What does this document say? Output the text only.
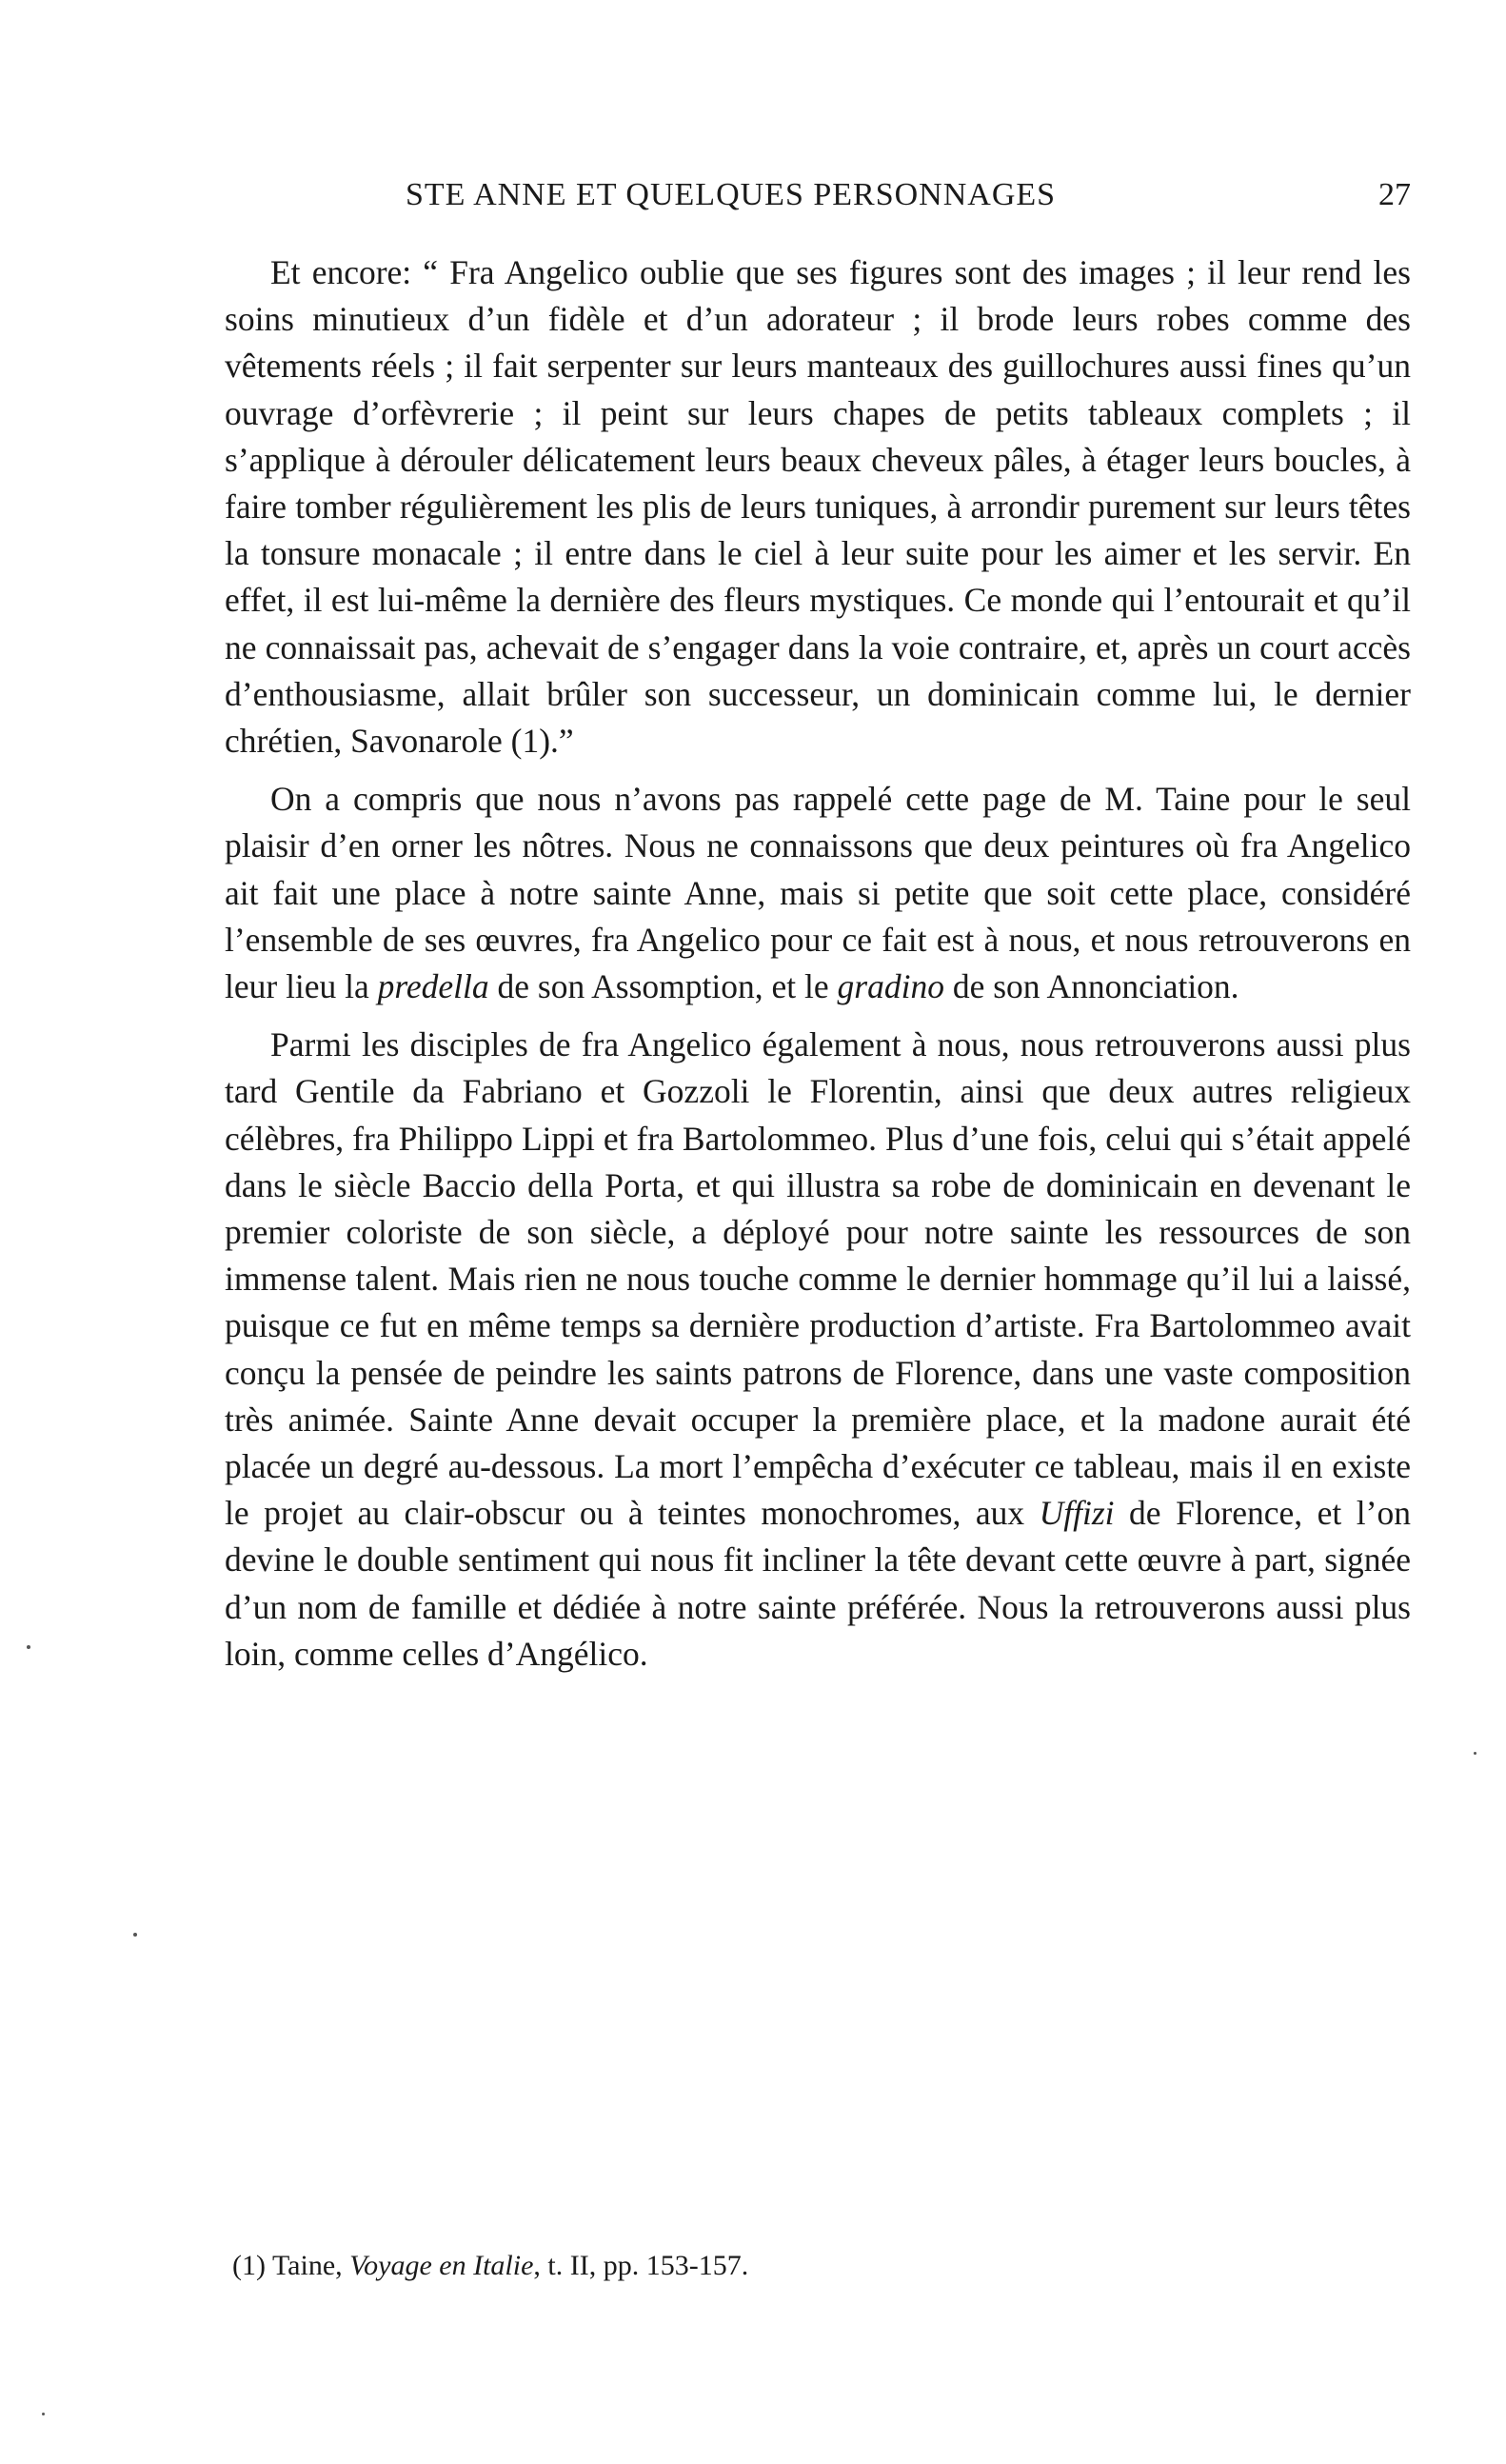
STE ANNE ET QUELQUES PERSONNAGES	27

Et encore: “ Fra Angelico oublie que ses figures sont des images ; il leur rend les soins minutieux d’un fidèle et d’un adorateur ; il brode leurs robes comme des vêtements réels ; il fait serpenter sur leurs manteaux des guillochures aussi fines qu’un ouvrage d’orfèvrerie ; il peint sur leurs chapes de petits tableaux complets ; il s’applique à dérouler délicatement leurs beaux cheveux pâles, à étager leurs boucles, à faire tomber régulièrement les plis de leurs tuniques, à arrondir purement sur leurs têtes la tonsure monacale ; il entre dans le ciel à leur suite pour les aimer et les servir. En effet, il est lui-même la dernière des fleurs mystiques. Ce monde qui l’entourait et qu’il ne connaissait pas, achevait de s’engager dans la voie contraire, et, après un court accès d’enthousiasme, allait brûler son successeur, un dominicain comme lui, le dernier chrétien, Savonarole (1).”

On a compris que nous n’avons pas rappelé cette page de M. Taine pour le seul plaisir d’en orner les nôtres. Nous ne connaissons que deux peintures où fra Angelico ait fait une place à notre sainte Anne, mais si petite que soit cette place, considéré l’ensemble de ses œuvres, fra Angelico pour ce fait est à nous, et nous retrouverons en leur lieu la predella de son Assomption, et le gradino de son Annonciation.

Parmi les disciples de fra Angelico également à nous, nous retrouverons aussi plus tard Gentile da Fabriano et Gozzoli le Florentin, ainsi que deux autres religieux célèbres, fra Philippo Lippi et fra Bartolommeo. Plus d’une fois, celui qui s’était appelé dans le siècle Baccio della Porta, et qui illustra sa robe de dominicain en devenant le premier coloriste de son siècle, a déployé pour notre sainte les ressources de son immense talent. Mais rien ne nous touche comme le dernier hommage qu’il lui a laissé, puisque ce fut en même temps sa dernière production d’artiste. Fra Bartolommeo avait conçu la pensée de peindre les saints patrons de Florence, dans une vaste composition très animée. Sainte Anne devait occuper la première place, et la madone aurait été placée un degré au-dessous. La mort l’empêcha d’exécuter ce tableau, mais il en existe le projet au clair-obscur ou à teintes monochromes, aux Uffizi de Florence, et l’on devine le double sentiment qui nous fit incliner la tête devant cette œuvre à part, signée d’un nom de famille et dédiée à notre sainte préférée. Nous la retrouverons aussi plus loin, comme celles d’Angélico.

(1) Taine, Voyage en Italie, t. II, pp. 153-157.
